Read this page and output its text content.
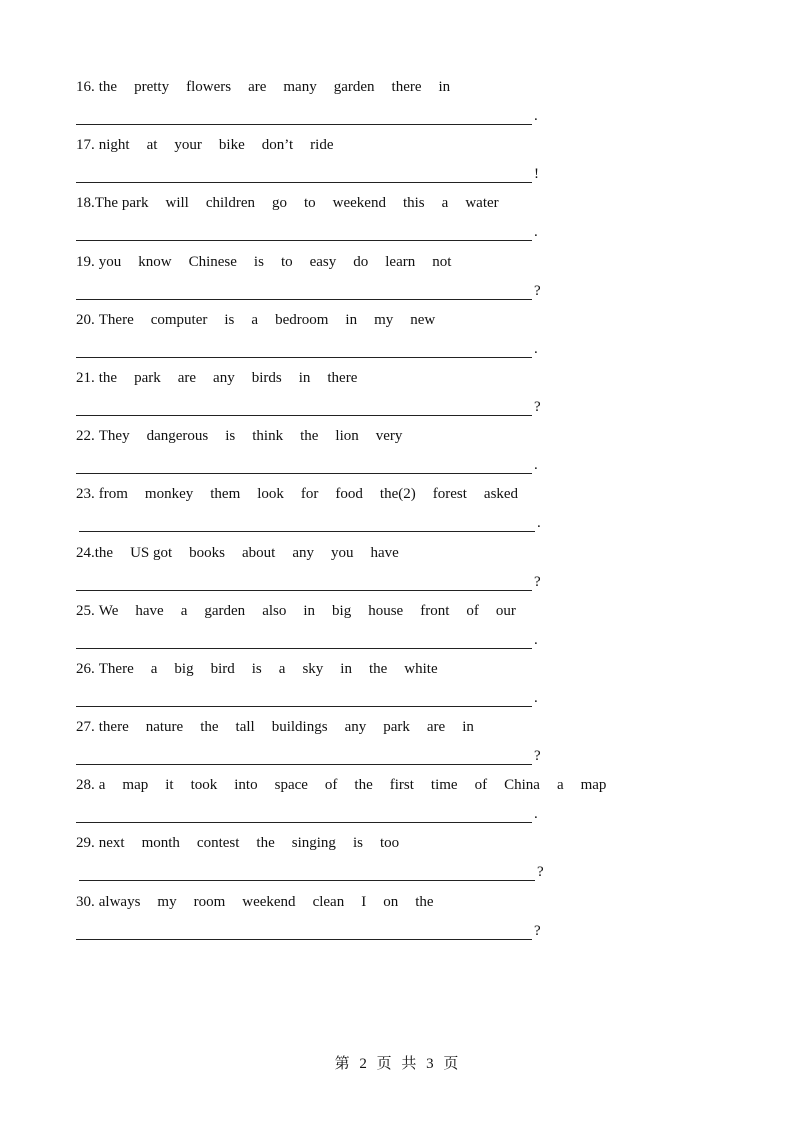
16. the pretty flowers are many garden there in
.
17. night at your bike don’t ride
!
18.The park will children go to weekend this a water
.
19. you know Chinese is to easy do learn not
?
20. There computer is a bedroom in my new
.
21. the park are any birds in there
?
22. They dangerous is think the lion very
.
23. from monkey them look for food the(2) forest asked
.
24.the US got books about any you have
?
25. We have a garden also in big house front of our
.
26. There a big bird is a sky in the white
.
27. there nature the tall buildings any park are in
?
28. a map it took into space of the first time of China a map
.
29. next month contest the singing is too
?
30. always my room weekend clean I on the
?
第 2 页 共 3 页
